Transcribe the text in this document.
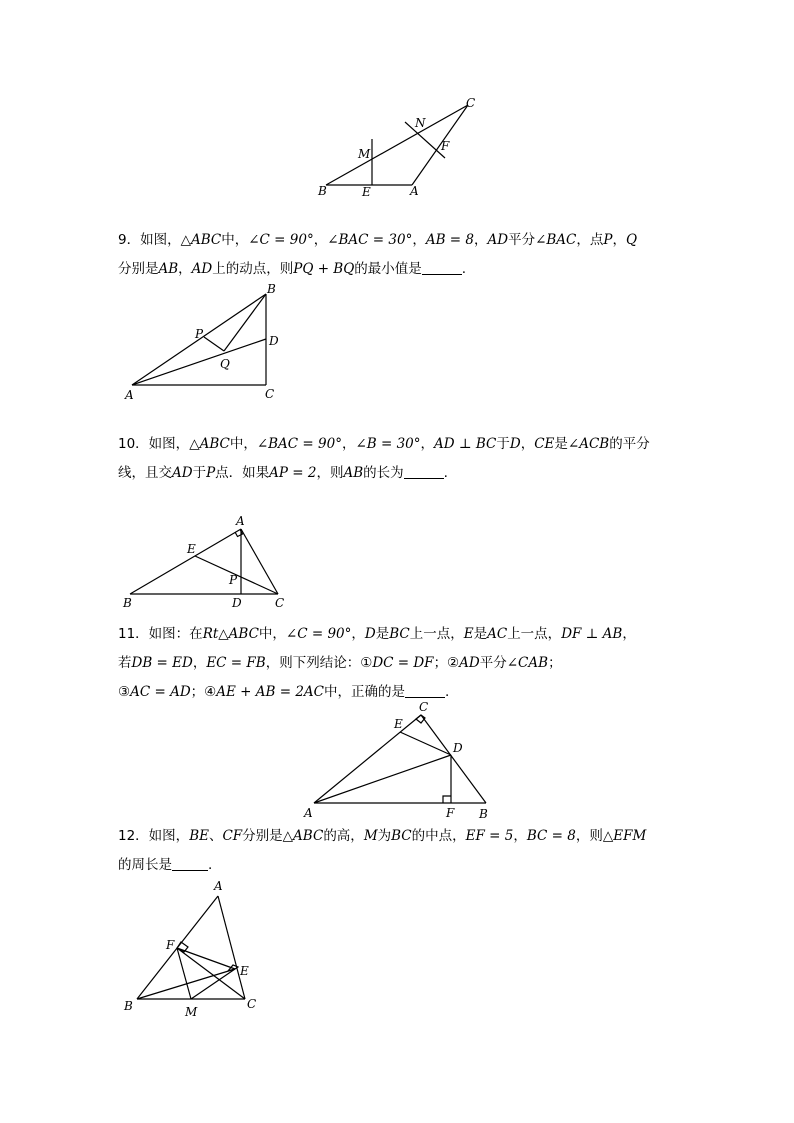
C
N
M
F
B	E	A

9．如图，△ABC中，∠C = 90°，∠BAC = 30°，AB = 8，AD平分∠BAC，点P，Q

分别是AB，AD上的动点，则PQ + BQ的最小值是	.

B
P	D
Q
A	C

10．如图，△ABC中，∠BAC = 90°，∠B = 30°，AD ⊥ BC于D，CE是∠ACB的平分

线，且交AD于P点．如果AP = 2，则AB的长为	.

A
E
P
B	D	C

11．如图：在Rt△ABC中，∠C = 90°，D是BC上一点，E是AC上一点，DF ⊥ AB，

若DB = ED，EC = FB，则下列结论：①DC = DF；②AD平分∠CAB；

③AC = AD；④AE + AB = 2AC中，正确的是	.

C
E
D
A	F B

12．如图，BE、CF分别是△ABC的高，M为BC的中点，EF = 5，BC = 8，则△EFM

的周长是	.

A
F
E
B	M
C
